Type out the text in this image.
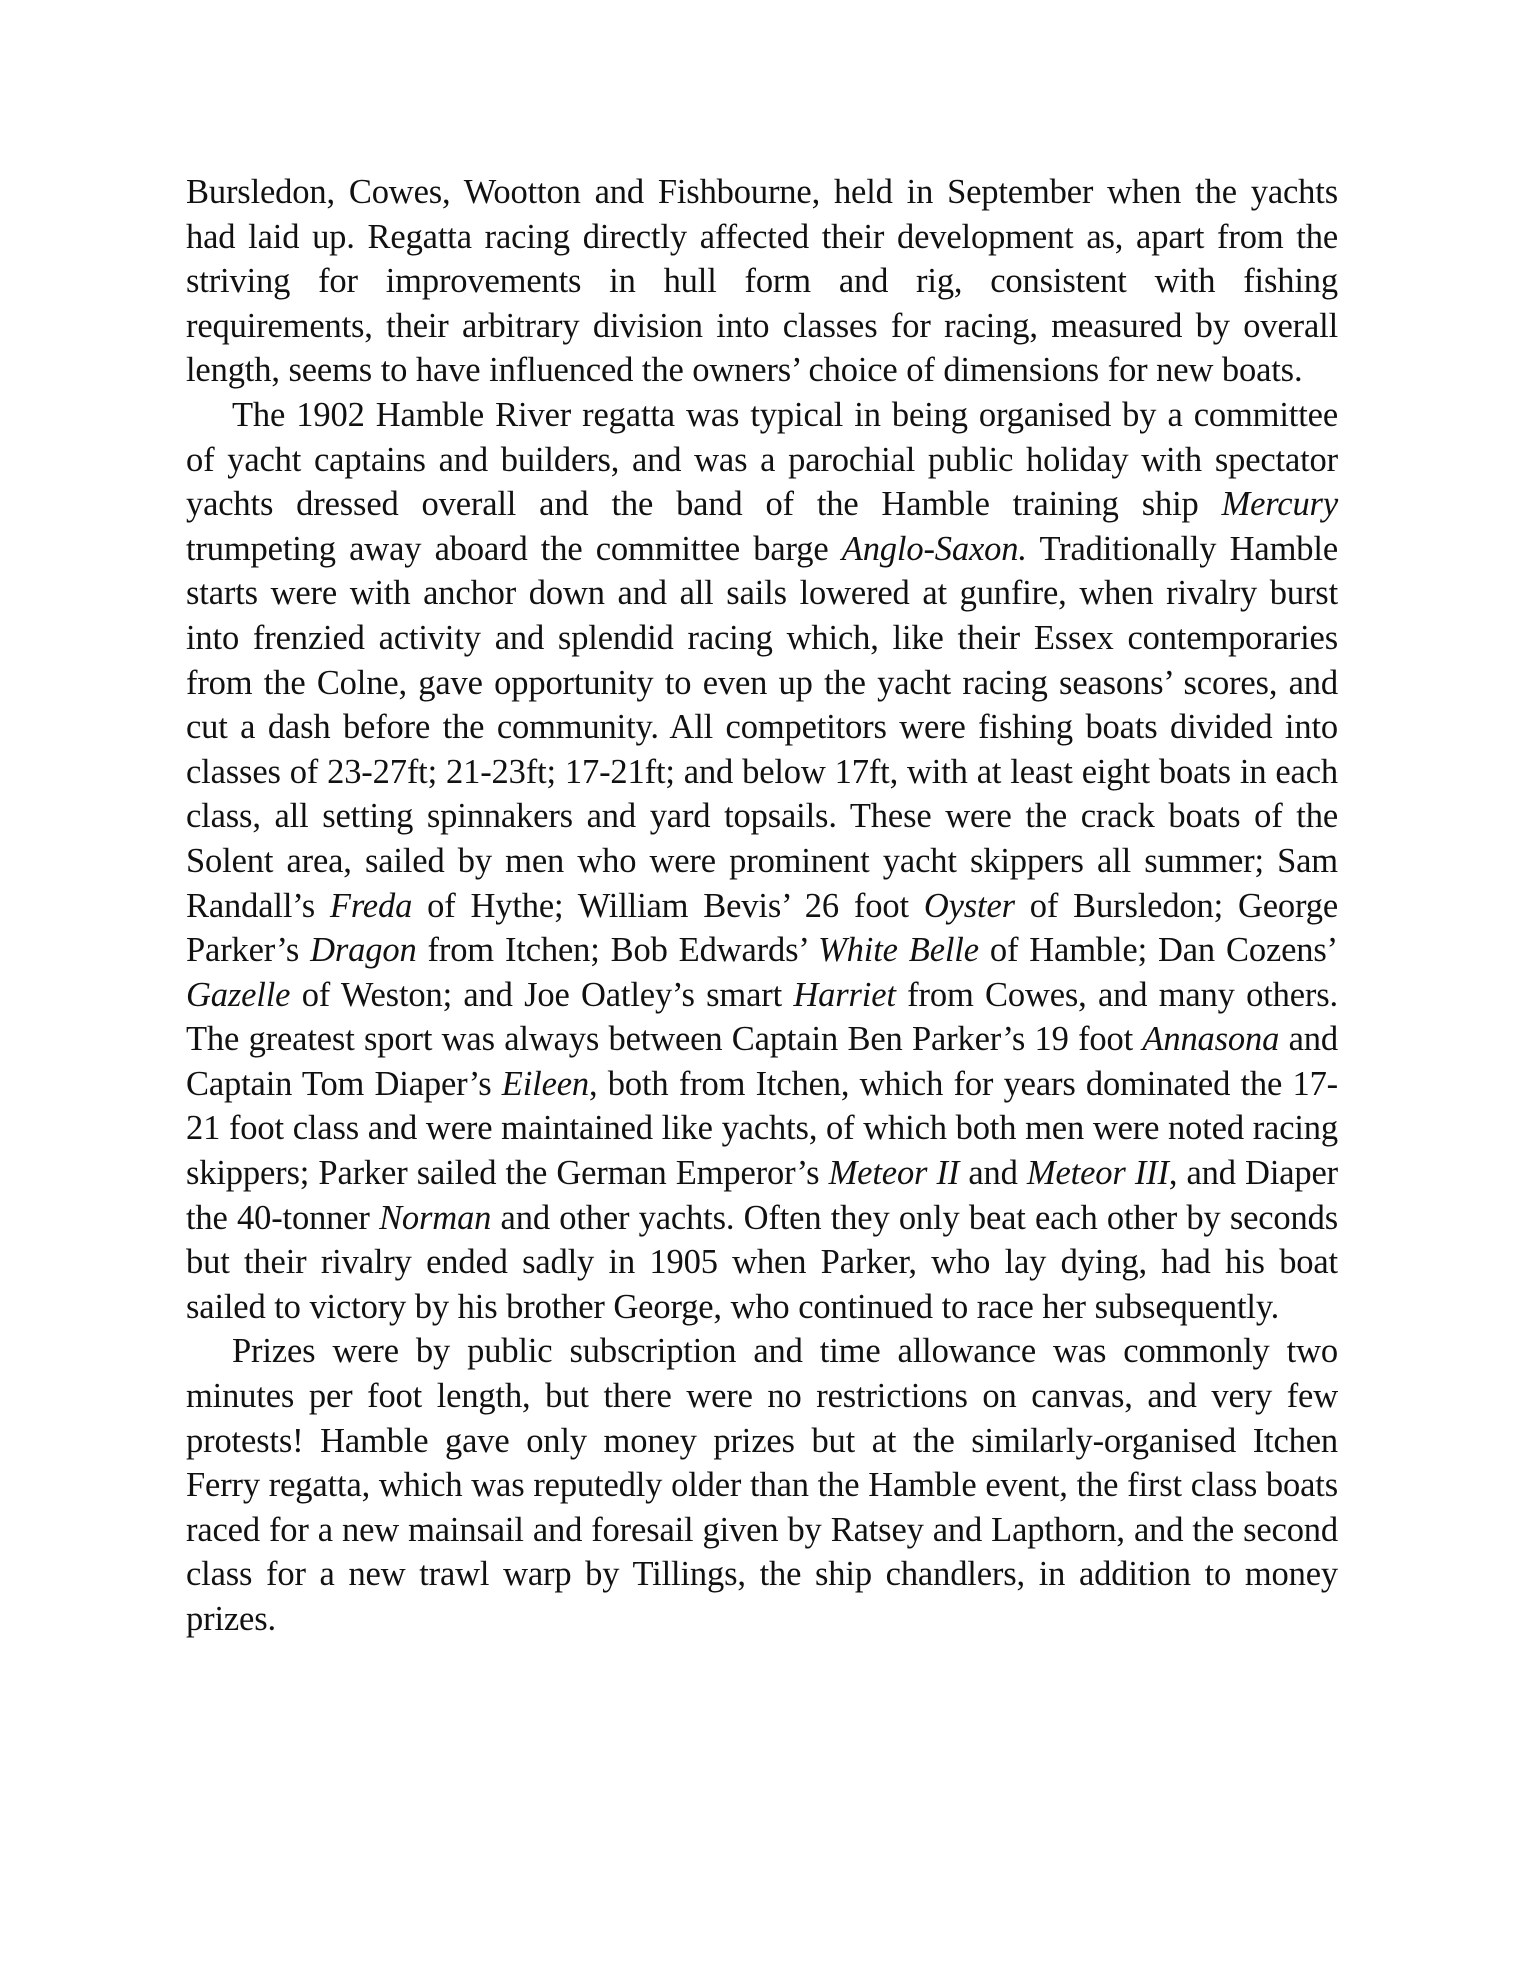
Bursledon, Cowes, Wootton and Fishbourne, held in September when the yachts had laid up. Regatta racing directly affected their development as, apart from the striving for improvements in hull form and rig, consistent with fishing requirements, their arbitrary division into classes for racing, measured by overall length, seems to have influenced the owners’ choice of dimensions for new boats.

The 1902 Hamble River regatta was typical in being organised by a committee of yacht captains and builders, and was a parochial public holiday with spectator yachts dressed overall and the band of the Hamble training ship Mercury trumpeting away aboard the committee barge Anglo-Saxon. Traditionally Hamble starts were with anchor down and all sails lowered at gunfire, when rivalry burst into frenzied activity and splendid racing which, like their Essex contemporaries from the Colne, gave opportunity to even up the yacht racing seasons’ scores, and cut a dash before the community. All competitors were fishing boats divided into classes of 23-27ft; 21-23ft; 17-21ft; and below 17ft, with at least eight boats in each class, all setting spinnakers and yard topsails. These were the crack boats of the Solent area, sailed by men who were prominent yacht skippers all summer; Sam Randall’s Freda of Hythe; William Bevis’ 26 foot Oyster of Bursledon; George Parker’s Dragon from Itchen; Bob Edwards’ White Belle of Hamble; Dan Cozens’ Gazelle of Weston; and Joe Oatley’s smart Harriet from Cowes, and many others. The greatest sport was always between Captain Ben Parker’s 19 foot Annasona and Captain Tom Diaper’s Eileen, both from Itchen, which for years dominated the 17-21 foot class and were maintained like yachts, of which both men were noted racing skippers; Parker sailed the German Emperor’s Meteor II and Meteor III, and Diaper the 40-tonner Norman and other yachts. Often they only beat each other by seconds but their rivalry ended sadly in 1905 when Parker, who lay dying, had his boat sailed to victory by his brother George, who continued to race her subsequently.

Prizes were by public subscription and time allowance was commonly two minutes per foot length, but there were no restrictions on canvas, and very few protests! Hamble gave only money prizes but at the similarly-organised Itchen Ferry regatta, which was reputedly older than the Hamble event, the first class boats raced for a new mainsail and foresail given by Ratsey and Lapthorn, and the second class for a new trawl warp by Tillings, the ship chandlers, in addition to money prizes.
